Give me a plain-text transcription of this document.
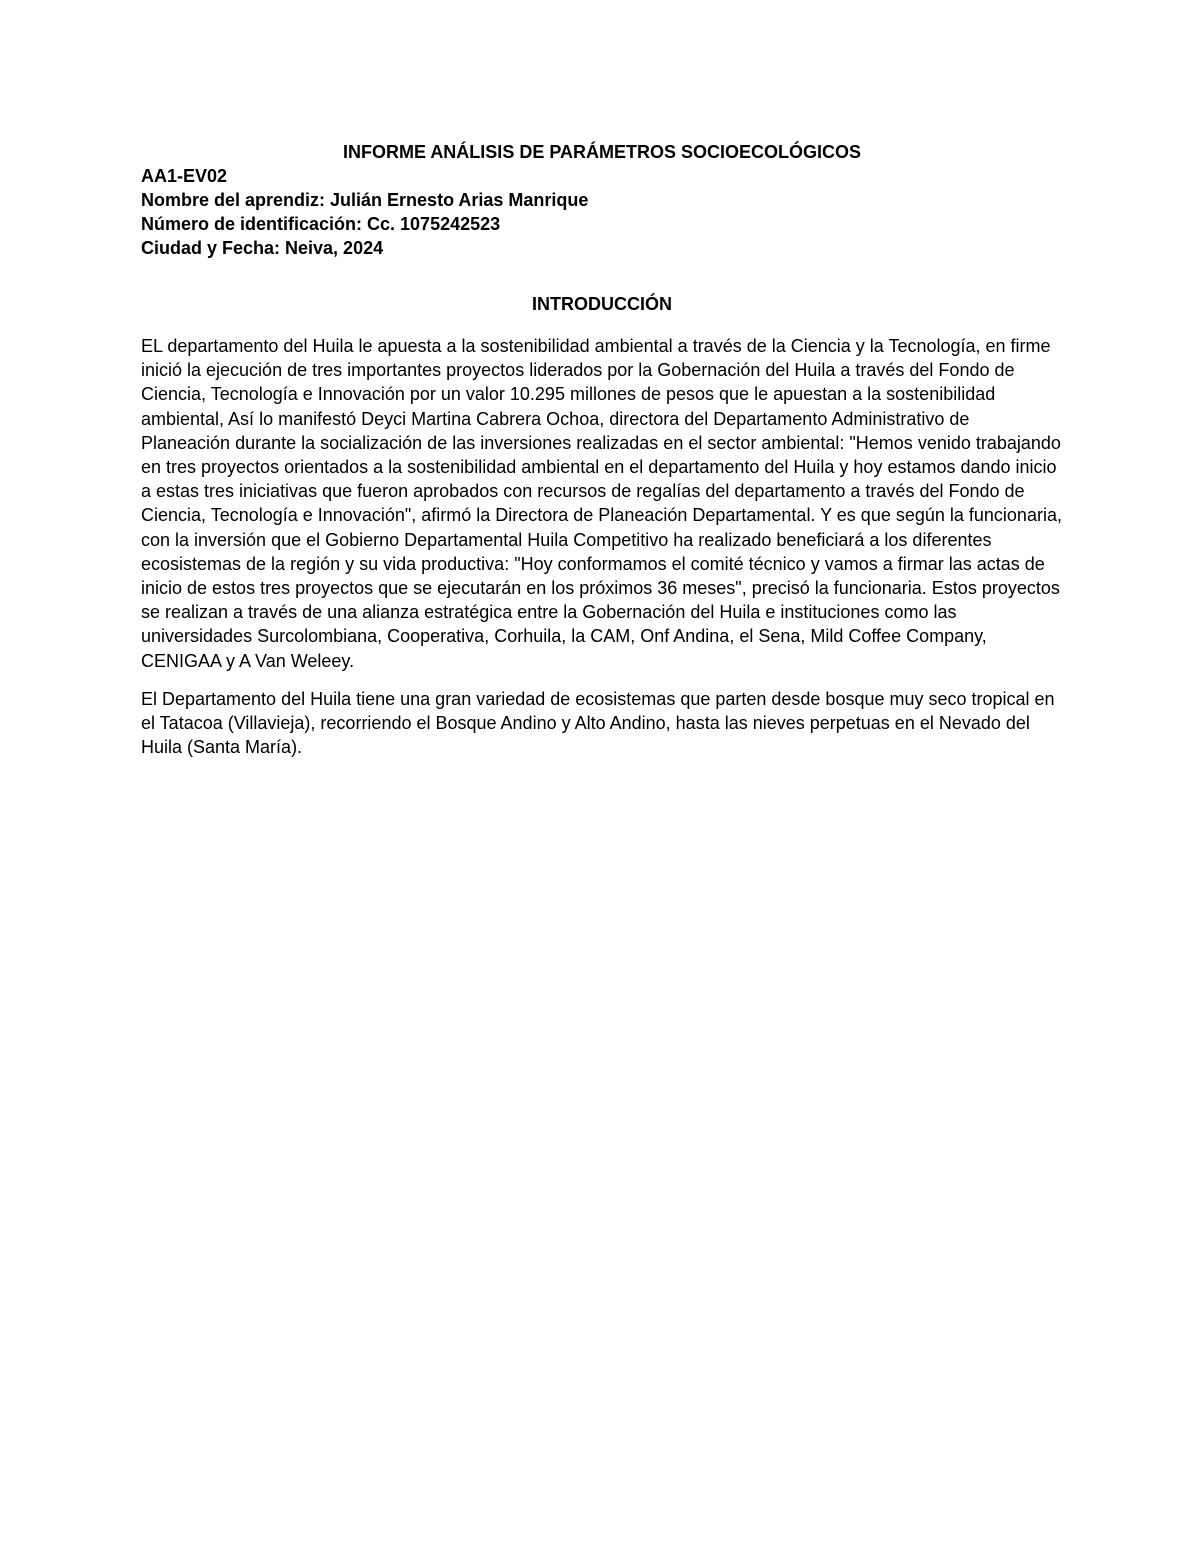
INFORME ANÁLISIS DE PARÁMETROS SOCIOECOLÓGICOS

AA1-EV02

Nombre del aprendiz: Julián Ernesto Arias Manrique

Número de identificación: Cc. 1075242523

Ciudad y Fecha: Neiva, 2024

INTRODUCCIÓN

EL departamento del Huila le apuesta a la sostenibilidad ambiental a través de la Ciencia y la Tecnología, en firme inició la ejecución de tres importantes proyectos liderados por la Gobernación del Huila a través del Fondo de Ciencia, Tecnología e Innovación por un valor 10.295 millones de pesos que le apuestan a la sostenibilidad ambiental, Así lo manifestó Deyci Martina Cabrera Ochoa, directora del Departamento Administrativo de Planeación durante la socialización de las inversiones realizadas en el sector ambiental: "Hemos venido trabajando en tres proyectos orientados a la sostenibilidad ambiental en el departamento del Huila y hoy estamos dando inicio a estas tres iniciativas que fueron aprobados con recursos de regalías del departamento a través del Fondo de Ciencia, Tecnología e Innovación", afirmó la Directora de Planeación Departamental. Y es que según la funcionaria, con la inversión que el Gobierno Departamental Huila Competitivo ha realizado beneficiará a los diferentes ecosistemas de la región y su vida productiva: "Hoy conformamos el comité técnico y vamos a firmar las actas de inicio de estos tres proyectos que se ejecutarán en los próximos 36 meses", precisó la funcionaria. Estos proyectos se realizan a través de una alianza estratégica entre la Gobernación del Huila e instituciones como las universidades Surcolombiana, Cooperativa, Corhuila, la CAM, Onf Andina, el Sena, Mild Coffee Company, CENIGAA y A Van Weleey.

El Departamento del Huila tiene una gran variedad de ecosistemas que parten desde bosque muy seco tropical en el Tatacoa (Villavieja), recorriendo el Bosque Andino y Alto Andino, hasta las nieves perpetuas en el Nevado del Huila (Santa María).
